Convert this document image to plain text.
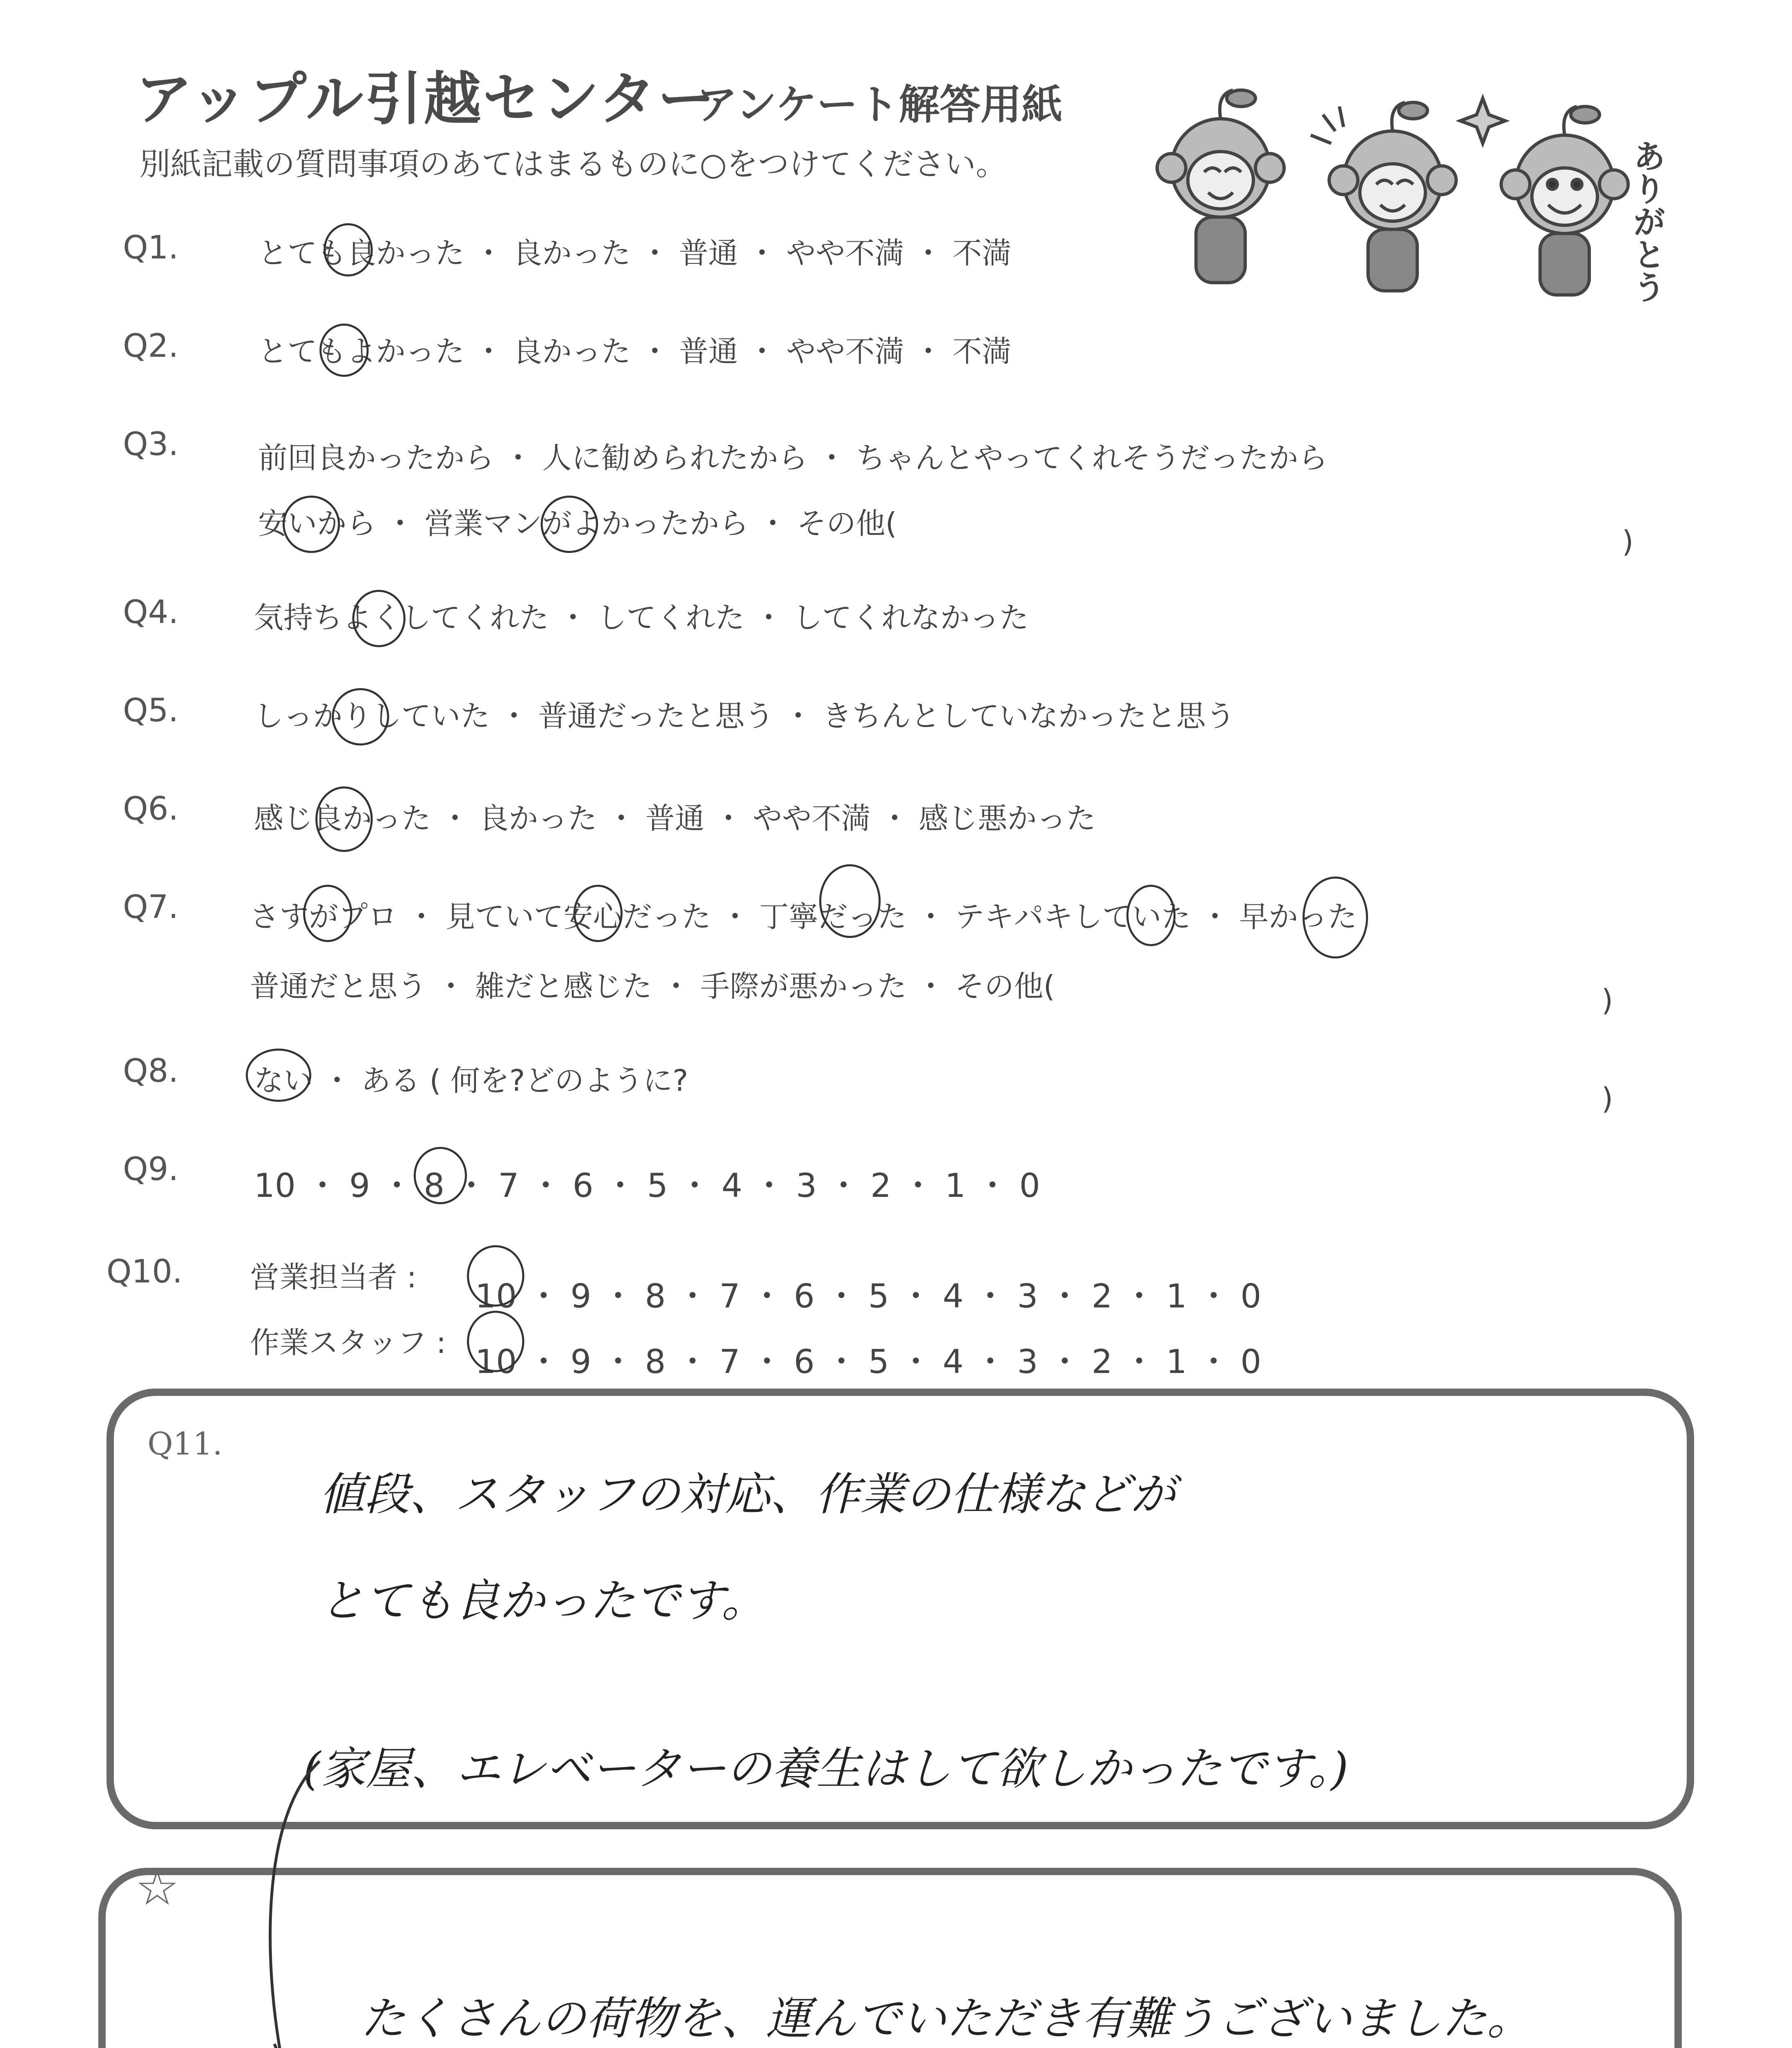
アップル引越センター
アンケート解答用紙
別紙記載の質問事項のあてはまるものに○をつけてください。	ありがとう
Q1.	とても良かった ・ 良かった ・ 普通 ・ やや不満 ・ 不満
Q2.	とてもよかった ・ 良かった ・ 普通 ・ やや不満 ・ 不満
Q3.	前回良かったから ・ 人に勧められたから ・ ちゃんとやってくれそうだったから
安いから ・ 営業マンがよかったから ・ その他(
)
Q4.	気持ちよくしてくれた ・ してくれた ・ してくれなかった
Q5.	しっかりしていた ・ 普通だったと思う ・ きちんとしていなかったと思う
Q6.	感じ良かった ・ 良かった ・ 普通 ・ やや不満 ・ 感じ悪かった
Q7. さすがプロ ・ 見ていて安心だった ・ 丁寧だった ・ テキパキしていた ・ 早かった
普通だと思う ・ 雑だと感じた ・ 手際が悪かった ・ その他(	)
Q8.	ない ・ ある ( 何を?どのように?
)
Q9. 10 ・ 9 ・ 8 ・ 7 ・ 6 ・ 5 ・ 4 ・ 3 ・ 2 ・ 1 ・ 0
Q10. 営業担当者 : 10 ・ 9 ・ 8 ・ 7 ・ 6 ・ 5 ・ 4 ・ 3 ・ 2 ・ 1 ・ 0
作業スタッフ : 10 ・ 9 ・ 8 ・ 7 ・ 6 ・ 5 ・ 4 ・ 3 ・ 2 ・ 1 ・ 0
Q11.
値段、スタッフの対応、作業の仕様などが
とても良かったです。
(家屋、エレベーターの養生はして欲しかったです。)
☆
たくさんの荷物を、運んでいただき有難うございました。
